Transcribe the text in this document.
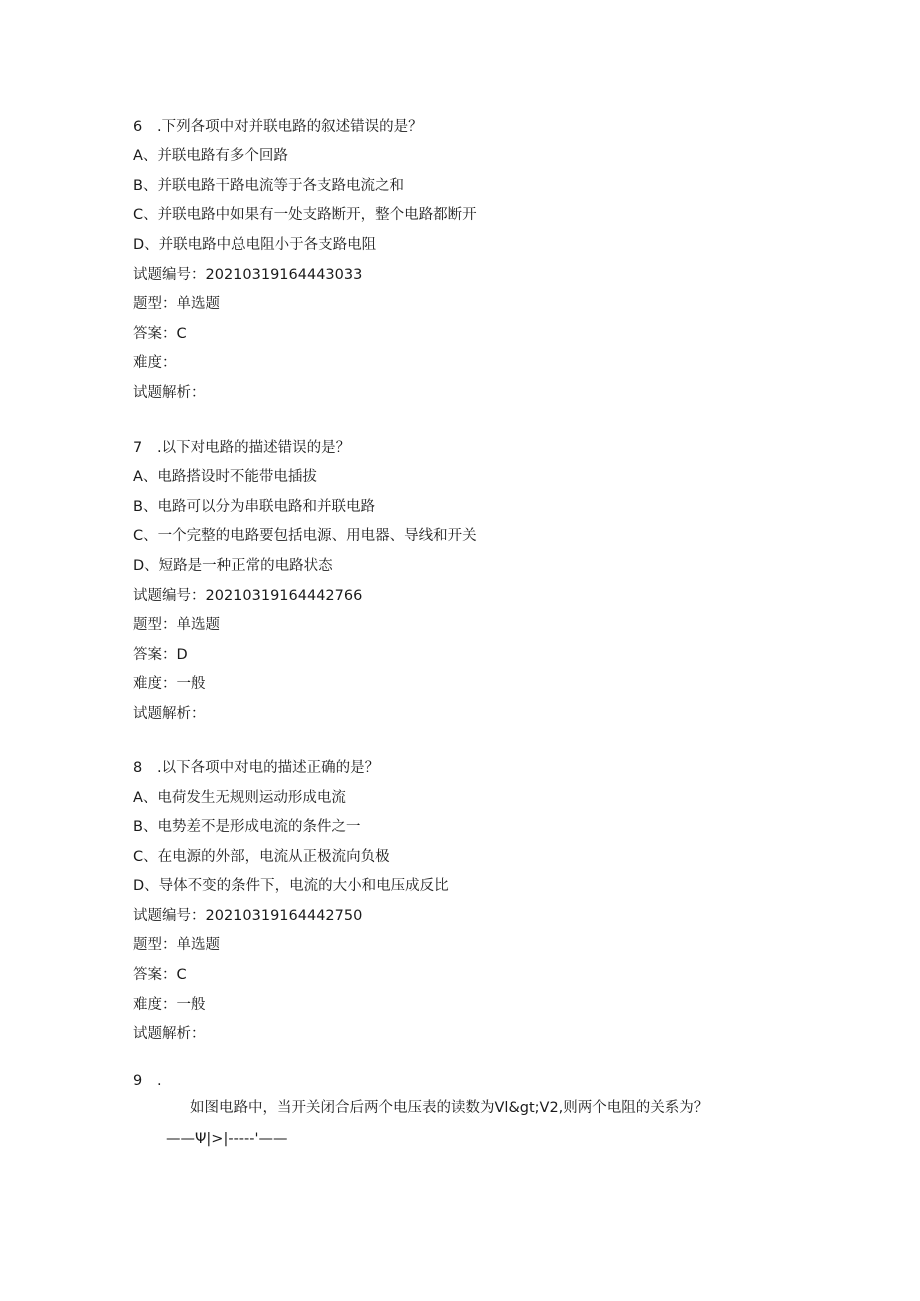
6	.下列各项中对并联电路的叙述错误的是？
A、并联电路有多个回路
B、并联电路干路电流等于各支路电流之和
C、并联电路中如果有一处支路断开，整个电路都断开
D、并联电路中总电阻小于各支路电阻
试题编号：20210319164443033
题型：单选题
答案：C
难度：
试题解析：
7	.以下对电路的描述错误的是？
A、电路搭设时不能带电插拔
B、电路可以分为串联电路和并联电路
C、一个完整的电路要包括电源、用电器、导线和开关
D、短路是一种正常的电路状态
试题编号：20210319164442766
题型：单选题
答案：D
难度：一般
试题解析：
8	.以下各项中对电的描述正确的是？
A、电荷发生无规则运动形成电流
B、电势差不是形成电流的条件之一
C、在电源的外部，电流从正极流向负极
D、导体不变的条件下，电流的大小和电压成反比
试题编号：20210319164442750
题型：单选题
答案：C
难度：一般
试题解析：
9	.
如图电路中，当开关闭合后两个电压表的读数为Vl&gt;V2,则两个电阻的关系为？
——Ψ|>|-----'——
